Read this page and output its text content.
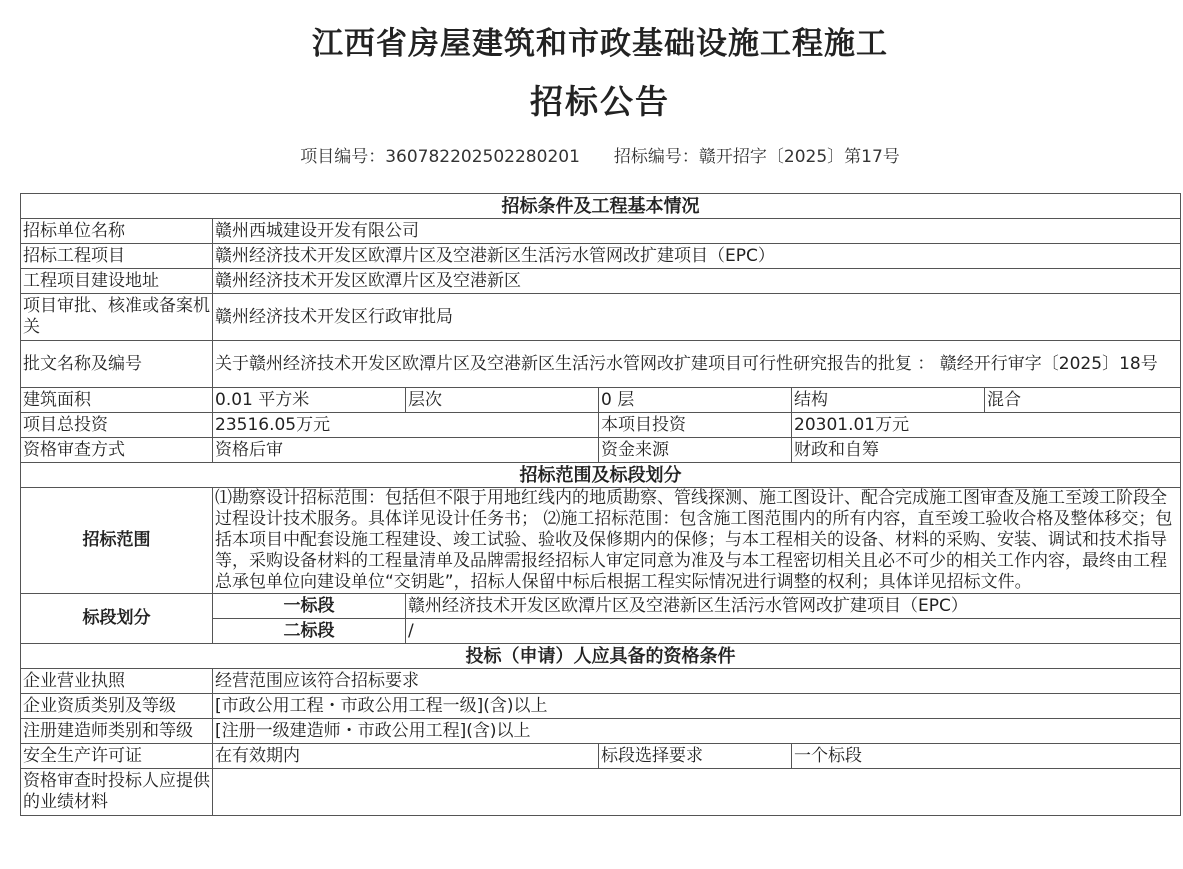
江西省房屋建筑和市政基础设施工程施工
招标公告
项目编号：360782202502280201 招标编号：赣开招字〔2025〕第17号
招标条件及工程基本情况					
招标单位名称	赣州西城建设开发有限公司				
招标工程项目	赣州经济技术开发区欧潭片区及空港新区生活污水管网改扩建项目（EPC）				
工程项目建设地址	赣州经济技术开发区欧潭片区及空港新区				
项目审批、核准或备案机关	赣州经济技术开发区行政审批局				
批文名称及编号	关于赣州经济技术开发区欧潭片区及空港新区生活污水管网改扩建项目可行性研究报告的批复 ： 赣经开行审字〔2025〕18号				
建筑面积	0.01 平方米	层次	0 层	结构	混合
项目总投资	23516.05万元		本项目投资	20301.01万元	
资格审查方式	资格后审		资金来源	财政和自筹	
招标范围及标段划分					
招标范围	⑴勘察设计招标范围：包括但不限于用地红线内的地质勘察、管线探测、施工图设计、配合完成施工图审查及施工至竣工阶段全过程设计技术服务。具体详见设计任务书； ⑵施工招标范围：包含施工图范围内的所有内容，直至竣工验收合格及整体移交；包括本项目中配套设施工程建设、竣工试验、验收及保修期内的保修；与本工程相关的设备、材料的采购、安装、调试和技术指导等，采购设备材料的工程量清单及品牌需报经招标人审定同意为准及与本工程密切相关且必不可少的相关工作内容，最终由工程总承包单位向建设单位“交钥匙”，招标人保留中标后根据工程实际情况进行调整的权利；具体详见招标文件。				
标段划分	一标段	赣州经济技术开发区欧潭片区及空港新区生活污水管网改扩建项目（EPC）			
	二标段	/			
投标（申请）人应具备的资格条件					
企业营业执照	经营范围应该符合招标要求				
企业资质类别及等级	[市政公用工程・市政公用工程一级](含)以上				
注册建造师类别和等级	[注册一级建造师・市政公用工程](含)以上				
安全生产许可证	在有效期内		标段选择要求	一个标段	
资格审查时投标人应提供的业绩材料					
